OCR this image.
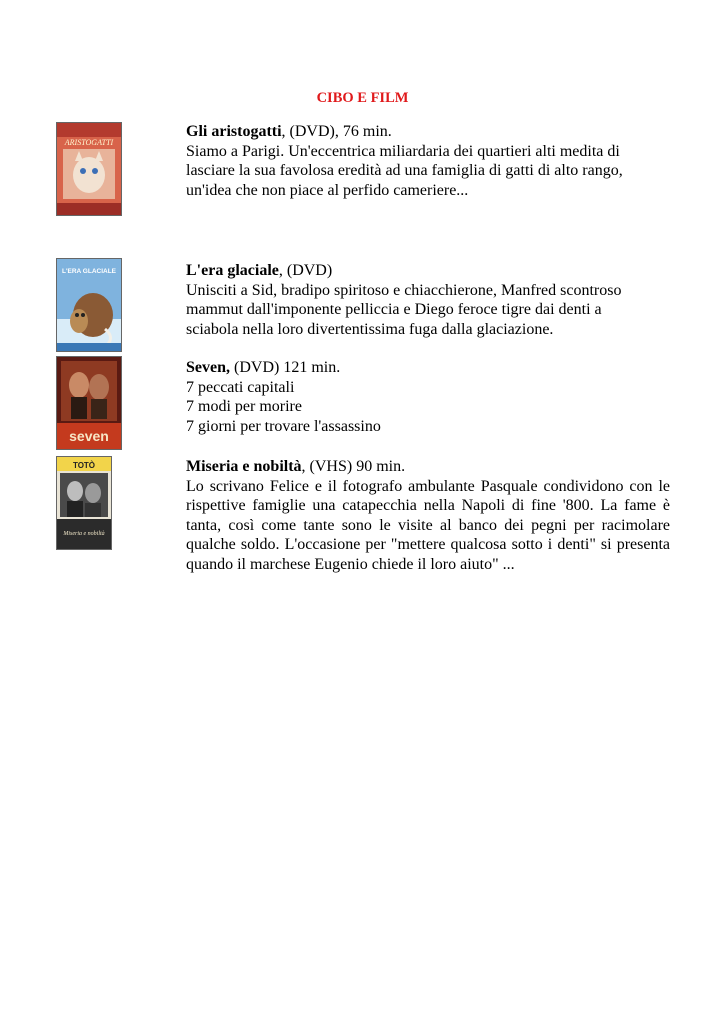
CIBO E FILM
ARISTOGATTI

Gli aristogatti, (DVD), 76 min.

Siamo a Parigi. Un'eccentrica miliardaria dei quartieri alti medita di

lasciare la sua favolosa eredità ad una famiglia di gatti di alto rango,

un'idea che non piace al perfido cameriere...

L'ERA GLACIALE	L'era glaciale, (DVD)

Unisciti a Sid, bradipo spiritoso e chiacchierone, Manfred scontroso

mammut dall'imponente pelliccia e Diego feroce tigre dai denti a

sciabola nella loro divertentissima fuga dalla glaciazione.

seven

Seven, (DVD) 121 min.

7 peccati capitali

7 modi per morire

7 giorni per trovare l'assassino

TOTÒ
Miseria e nobiltà

Miseria e nobiltà, (VHS) 90 min.

Lo scrivano Felice e il fotografo ambulante Pasquale condividono con le rispettive famiglie una catapecchia nella Napoli di fine '800. La fame è tanta, così come tante sono le visite al banco dei pegni per racimolare qualche soldo. L'occasione per "mettere qualcosa sotto i denti" si presenta quando il marchese Eugenio chiede il loro aiuto" ...
